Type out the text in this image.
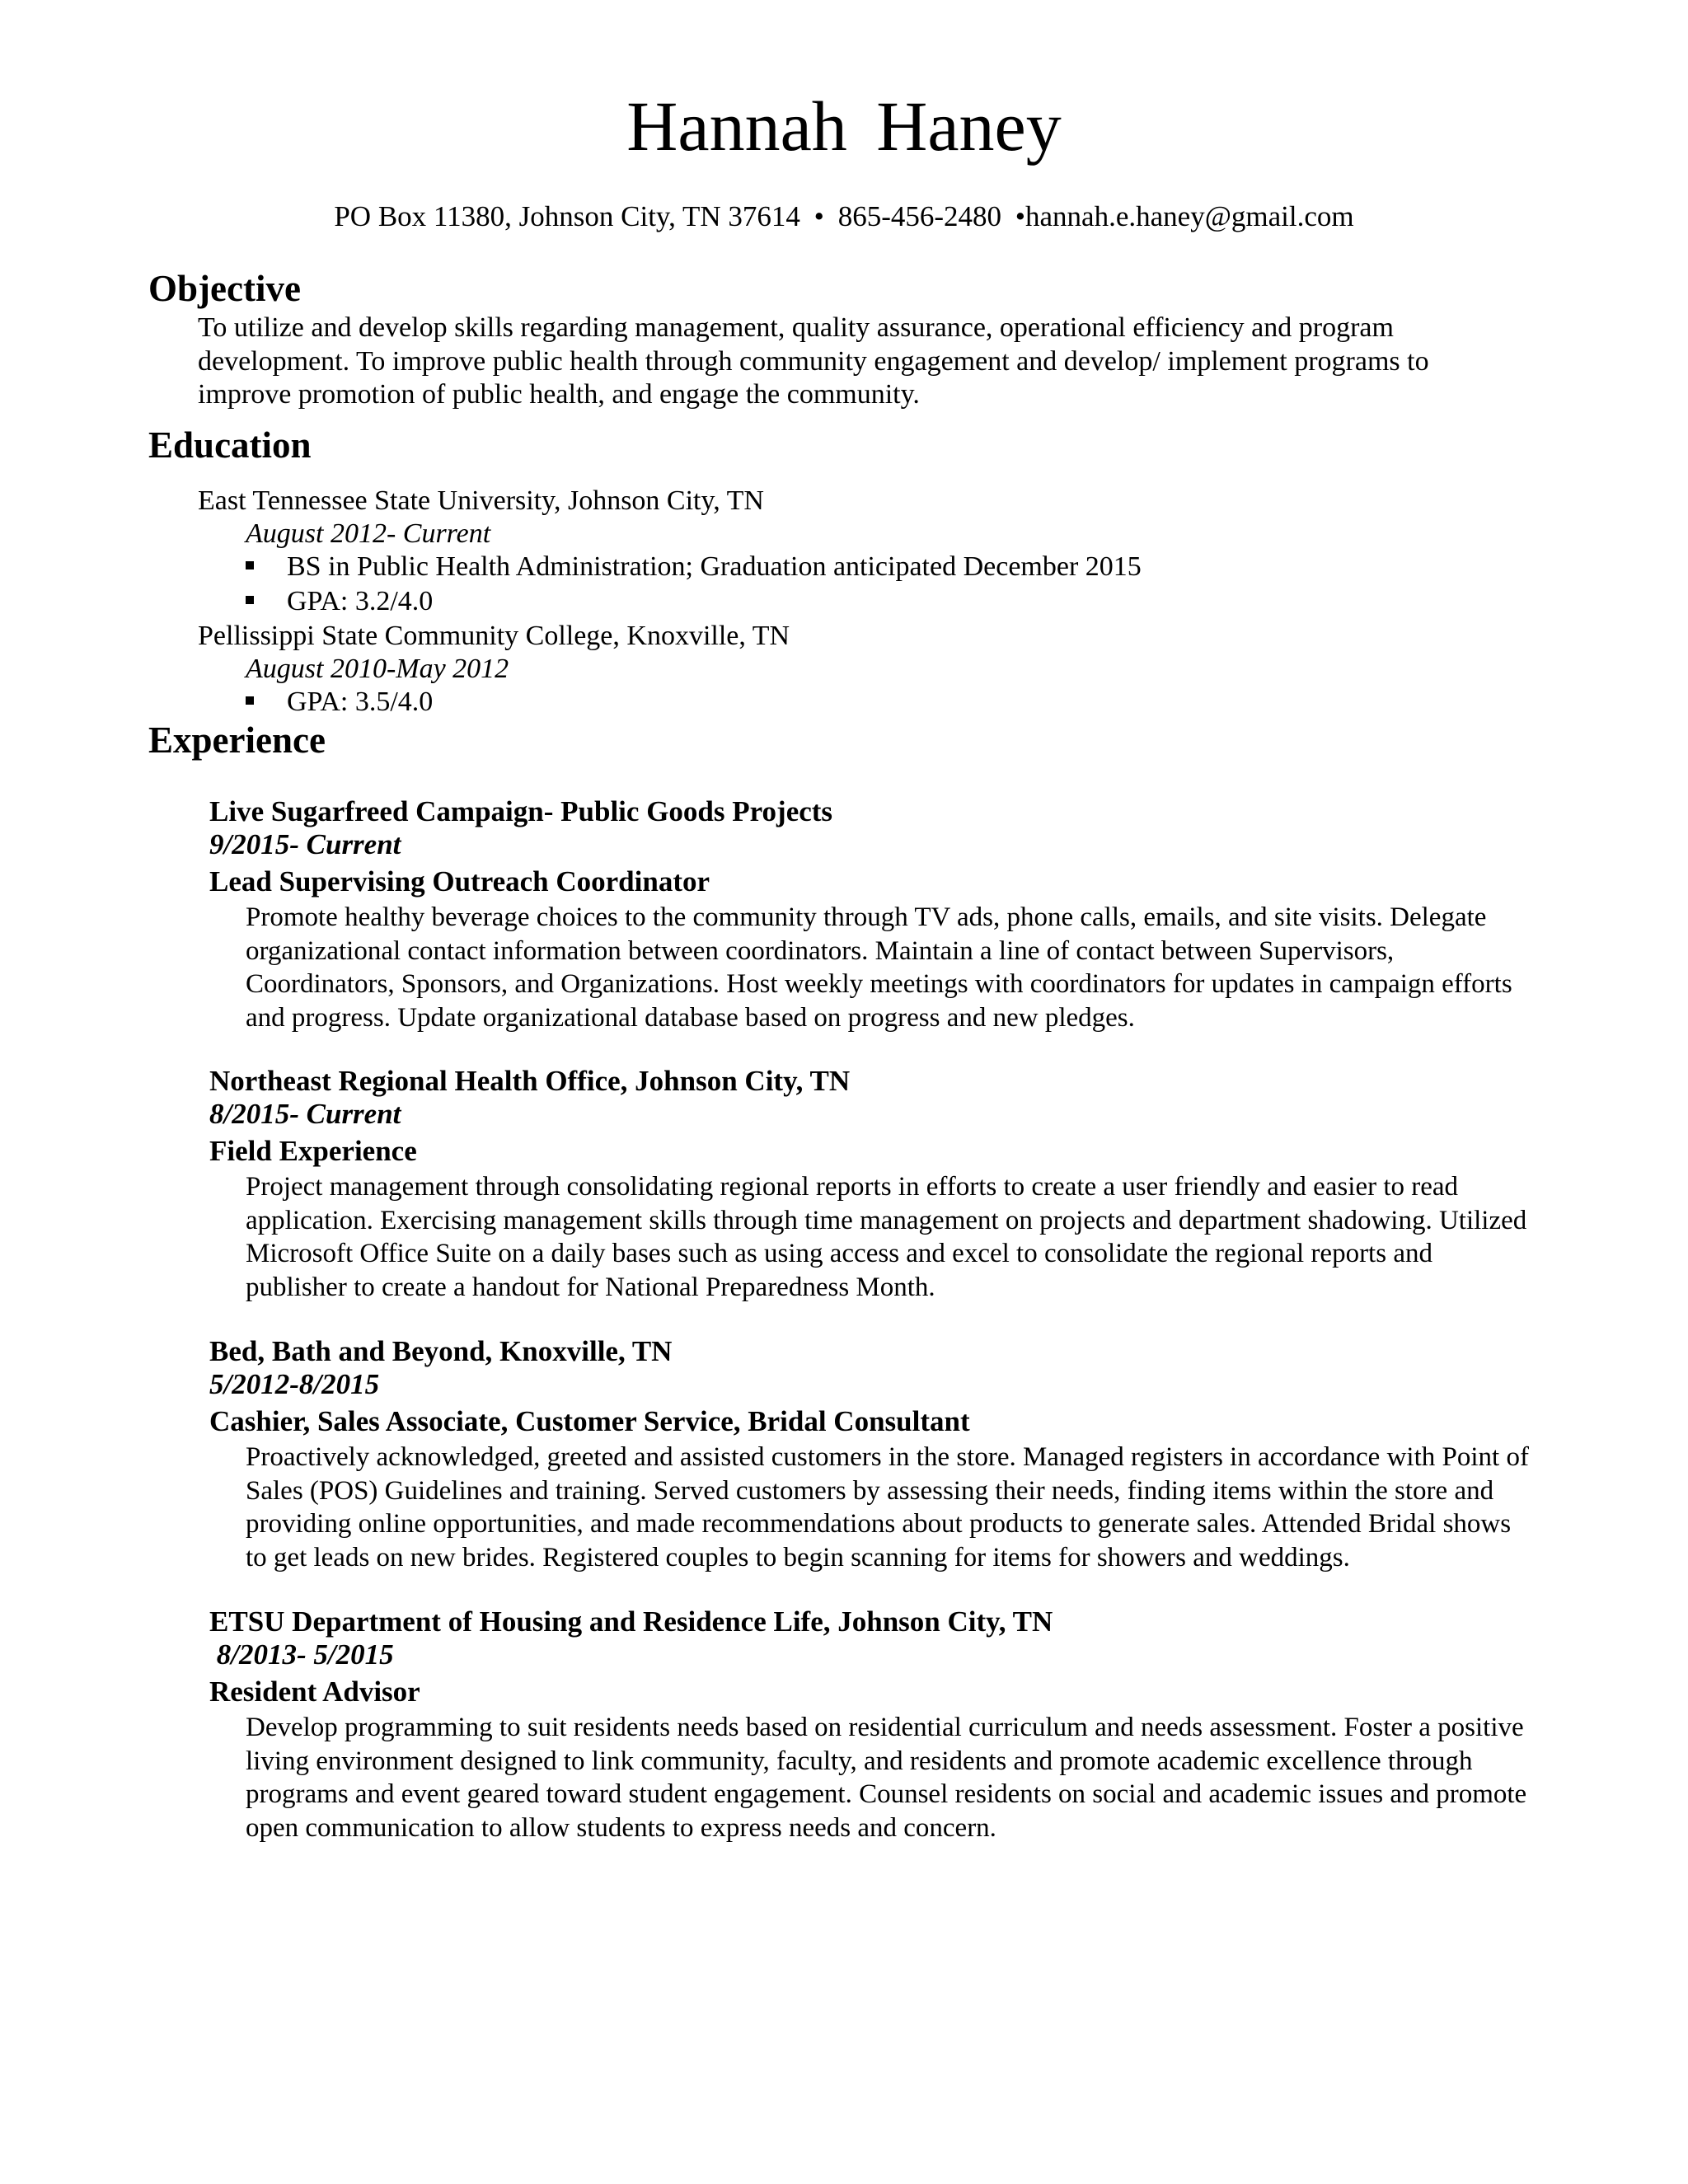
Hannah Haney
PO Box 11380, Johnson City, TN 37614 • 865-456-2480 •hannah.e.haney@gmail.com
Objective
To utilize and develop skills regarding management, quality assurance, operational efficiency and program development. To improve public health through community engagement and develop/ implement programs to improve promotion of public health, and engage the community.
Education
East Tennessee State University, Johnson City, TN
August 2012- Current
BS in Public Health Administration; Graduation anticipated December 2015
GPA: 3.2/4.0
Pellissippi State Community College, Knoxville, TN
August 2010-May 2012
GPA: 3.5/4.0
Experience
Live Sugarfreed Campaign- Public Goods Projects
9/2015- Current
Lead Supervising Outreach Coordinator
Promote healthy beverage choices to the community through TV ads, phone calls, emails, and site visits. Delegate organizational contact information between coordinators. Maintain a line of contact between Supervisors, Coordinators, Sponsors, and Organizations. Host weekly meetings with coordinators for updates in campaign efforts and progress. Update organizational database based on progress and new pledges.
Northeast Regional Health Office, Johnson City, TN
8/2015- Current
Field Experience
Project management through consolidating regional reports in efforts to create a user friendly and easier to read application. Exercising management skills through time management on projects and department shadowing. Utilized Microsoft Office Suite on a daily bases such as using access and excel to consolidate the regional reports and publisher to create a handout for National Preparedness Month.
Bed, Bath and Beyond, Knoxville, TN
5/2012-8/2015
Cashier, Sales Associate, Customer Service, Bridal Consultant
Proactively acknowledged, greeted and assisted customers in the store. Managed registers in accordance with Point of Sales (POS) Guidelines and training. Served customers by assessing their needs, finding items within the store and providing online opportunities, and made recommendations about products to generate sales. Attended Bridal shows to get leads on new brides. Registered couples to begin scanning for items for showers and weddings.
ETSU Department of Housing and Residence Life, Johnson City, TN
8/2013- 5/2015
Resident Advisor
Develop programming to suit residents needs based on residential curriculum and needs assessment. Foster a positive living environment designed to link community, faculty, and residents and promote academic excellence through programs and event geared toward student engagement. Counsel residents on social and academic issues and promote open communication to allow students to express needs and concern.
